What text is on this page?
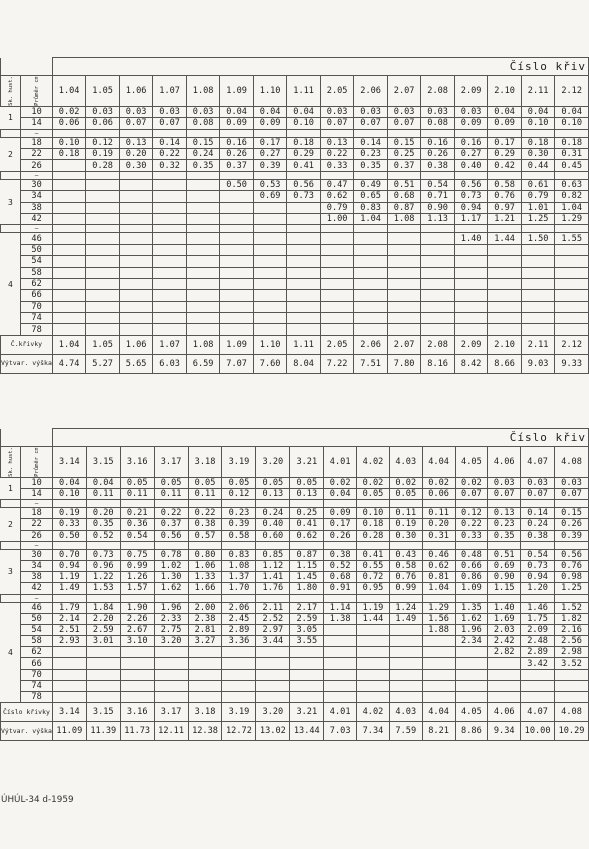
		Číslo křiv															
Sk. hust.	Průměr cm	1.04	1.05	1.06	1.07	1.08	1.09	1.10	1.11	2.05	2.06	2.07	2.08	2.09	2.10	2.11	2.12
1	10	0.02	0.03	0.03	0.03	0.03	0.04	0.04	0.04	0.03	0.03	0.03	0.03	0.03	0.04	0.04	0.04
	14	0.06	0.06	0.07	0.07	0.08	0.09	0.09	0.10	0.07	0.07	0.07	0.08	0.09	0.09	0.10	0.10
	–																
2	18	0.10	0.12	0.13	0.14	0.15	0.16	0.17	0.18	0.13	0.14	0.15	0.16	0.16	0.17	0.18	0.18
	22	0.18	0.19	0.20	0.22	0.24	0.26	0.27	0.29	0.22	0.23	0.25	0.26	0.27	0.29	0.30	0.31
	26		0.28	0.30	0.32	0.35	0.37	0.39	0.41	0.33	0.35	0.37	0.38	0.40	0.42	0.44	0.45
	–																
3	30						0.50	0.53	0.56	0.47	0.49	0.51	0.54	0.56	0.58	0.61	0.63
	34							0.69	0.73	0.62	0.65	0.68	0.71	0.73	0.76	0.79	0.82
	38									0.79	0.83	0.87	0.90	0.94	0.97	1.01	1.04
	42									1.00	1.04	1.08	1.13	1.17	1.21	1.25	1.29
	–																
4	46													1.40	1.44	1.50	1.55
	50																
	54																
	58																
	62																
	66																
	70																
	74																
	78																
Č.křivky		1.04	1.05	1.06	1.07	1.08	1.09	1.10	1.11	2.05	2.06	2.07	2.08	2.09	2.10	2.11	2.12
Výtvar. výška		4.74	5.27	5.65	6.03	6.59	7.07	7.60	8.04	7.22	7.51	7.80	8.16	8.42	8.66	9.03	9.33
		Číslo křiv															
Sk. hust.	Průměr cm	3.14	3.15	3.16	3.17	3.18	3.19	3.20	3.21	4.01	4.02	4.03	4.04	4.05	4.06	4.07	4.08
1	10	0.04	0.04	0.05	0.05	0.05	0.05	0.05	0.05	0.02	0.02	0.02	0.02	0.02	0.03	0.03	0.03
	14	0.10	0.11	0.11	0.11	0.11	0.12	0.13	0.13	0.04	0.05	0.05	0.06	0.07	0.07	0.07	0.07
	–																
2	18	0.19	0.20	0.21	0.22	0.22	0.23	0.24	0.25	0.09	0.10	0.11	0.11	0.12	0.13	0.14	0.15
	22	0.33	0.35	0.36	0.37	0.38	0.39	0.40	0.41	0.17	0.18	0.19	0.20	0.22	0.23	0.24	0.26
	26	0.50	0.52	0.54	0.56	0.57	0.58	0.60	0.62	0.26	0.28	0.30	0.31	0.33	0.35	0.38	0.39
	–																
3	30	0.70	0.73	0.75	0.78	0.80	0.83	0.85	0.87	0.38	0.41	0.43	0.46	0.48	0.51	0.54	0.56
	34	0.94	0.96	0.99	1.02	1.06	1.08	1.12	1.15	0.52	0.55	0.58	0.62	0.66	0.69	0.73	0.76
	38	1.19	1.22	1.26	1.30	1.33	1.37	1.41	1.45	0.68	0.72	0.76	0.81	0.86	0.90	0.94	0.98
	42	1.49	1.53	1.57	1.62	1.66	1.70	1.76	1.80	0.91	0.95	0.99	1.04	1.09	1.15	1.20	1.25
	–																
4	46	1.79	1.84	1.90	1.96	2.00	2.06	2.11	2.17	1.14	1.19	1.24	1.29	1.35	1.40	1.46	1.52
	50	2.14	2.20	2.26	2.33	2.38	2.45	2.52	2.59	1.38	1.44	1.49	1.56	1.62	1.69	1.75	1.82
	54	2.51	2.59	2.67	2.75	2.81	2.89	2.97	3.05				1.88	1.96	2.03	2.09	2.16
	58	2.93	3.01	3.10	3.20	3.27	3.36	3.44	3.55					2.34	2.42	2.48	2.56
	62														2.82	2.89	2.98
	66															3.42	3.52
	70																
	74																
	78																
Číslo křivky		3.14	3.15	3.16	3.17	3.18	3.19	3.20	3.21	4.01	4.02	4.03	4.04	4.05	4.06	4.07	4.08
Výtvar. výška		11.09	11.39	11.73	12.11	12.38	12.72	13.02	13.44	7.03	7.34	7.59	8.21	8.86	9.34	10.00	10.29
ÚHÚL-34 d-1959
